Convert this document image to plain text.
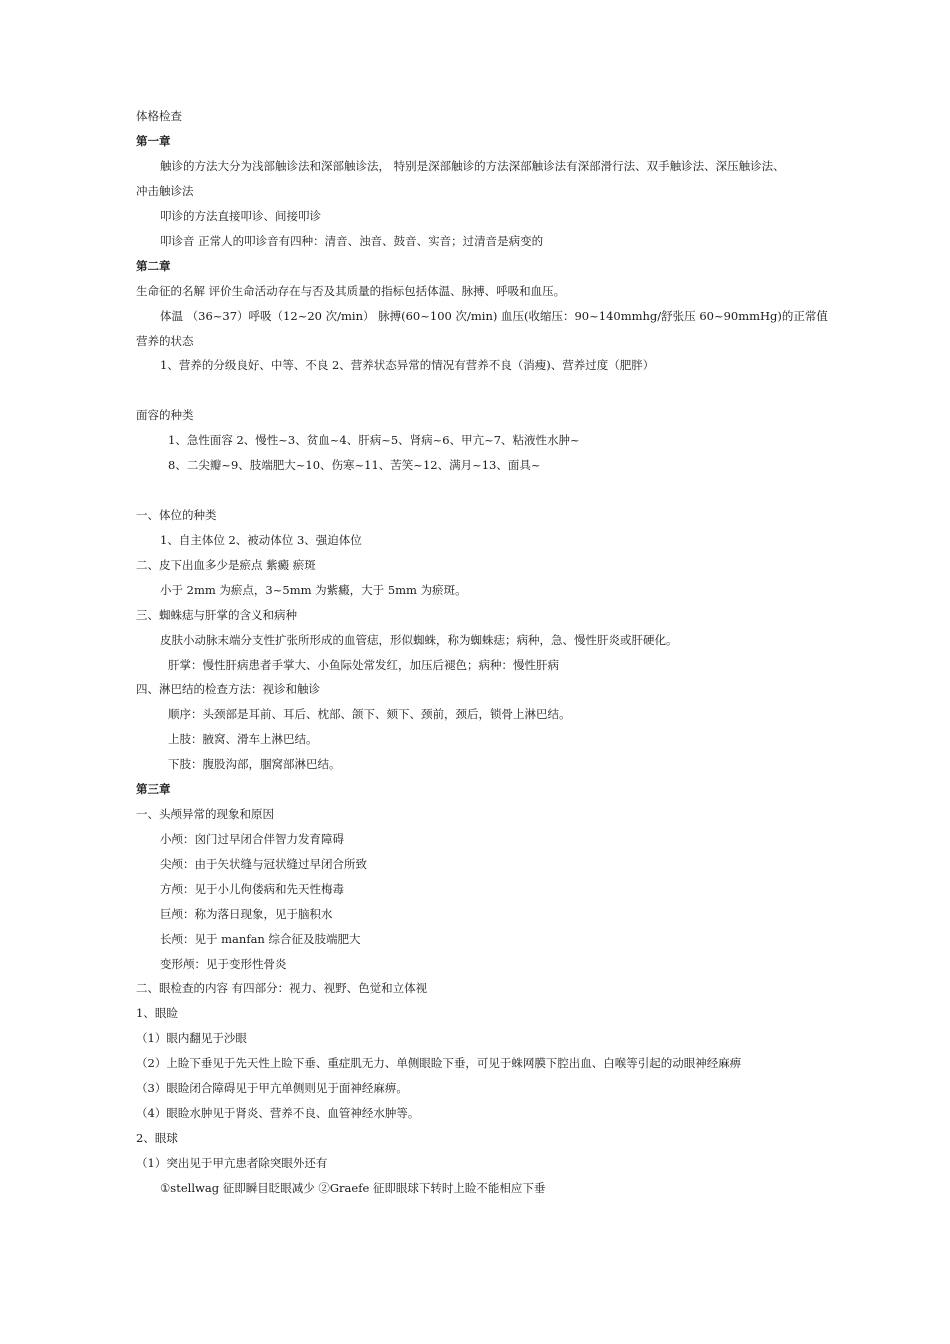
体格检查
第一章
触诊的方法大分为浅部触诊法和深部触诊法， 特别是深部触诊的方法深部触诊法有深部滑行法、双手触诊法、深压触诊法、
冲击触诊法
叩诊的方法直接叩诊、间接叩诊
叩诊音 正常人的叩诊音有四种：清音、浊音、鼓音、实音；过清音是病变的
第二章
生命征的名解 评价生命活动存在与否及其质量的指标包括体温、脉搏、呼吸和血压。
体温 （36~37）呼吸（12~20 次/min） 脉搏(60~100 次/min) 血压(收缩压：90~140mmhg/舒张压 60~90mmHg)的正常值
营养的状态
1、营养的分级良好、中等、不良 2、营养状态异常的情况有营养不良（消瘦)、营养过度（肥胖）
面容的种类
1、急性面容 2、慢性~3、贫血~4、肝病~5、肾病~6、甲亢~7、粘液性水肿~
8、二尖瓣~9、肢端肥大~10、伤寒~11、苦笑~12、满月~13、面具~
一、体位的种类
1、自主体位 2、被动体位 3、强迫体位
二、皮下出血多少是瘀点 紫癜 瘀斑
小于 2mm 为瘀点，3~5mm 为紫癜，大于 5mm 为瘀斑。
三、蜘蛛痣与肝掌的含义和病种
皮肤小动脉末端分支性扩张所形成的血管痣，形似蜘蛛，称为蜘蛛痣；病种，急、慢性肝炎或肝硬化。
肝掌：慢性肝病患者手掌大、小鱼际处常发红，加压后褪色；病种：慢性肝病
四、淋巴结的检查方法：视诊和触诊
顺序：头颈部是耳前、耳后、枕部、颌下、颏下、颈前，颈后，锁骨上淋巴结。
上肢：腋窝、滑车上淋巴结。
下肢：腹股沟部，腘窝部淋巴结。
第三章
一、头颅异常的现象和原因
小颅：囟门过早闭合伴智力发育障碍
尖颅：由于矢状缝与冠状缝过早闭合所致
方颅：见于小儿佝偻病和先天性梅毒
巨颅：称为落日现象，见于脑积水
长颅：见于 manfan 综合征及肢端肥大
变形颅：见于变形性骨炎
二、眼检查的内容 有四部分：视力、视野、色觉和立体视
1、眼睑
（1）眼内翻见于沙眼
（2）上睑下垂见于先天性上睑下垂、重症肌无力、单侧眼睑下垂，可见于蛛网膜下腔出血、白喉等引起的动眼神经麻痹
（3）眼睑闭合障碍见于甲亢单侧则见于面神经麻痹。
（4）眼睑水肿见于肾炎、营养不良、血管神经水肿等。
2、眼球
（1）突出见于甲亢患者除突眼外还有
①stellwag 征即瞬目眨眼减少 ②Graefe 征即眼球下转时上睑不能相应下垂
